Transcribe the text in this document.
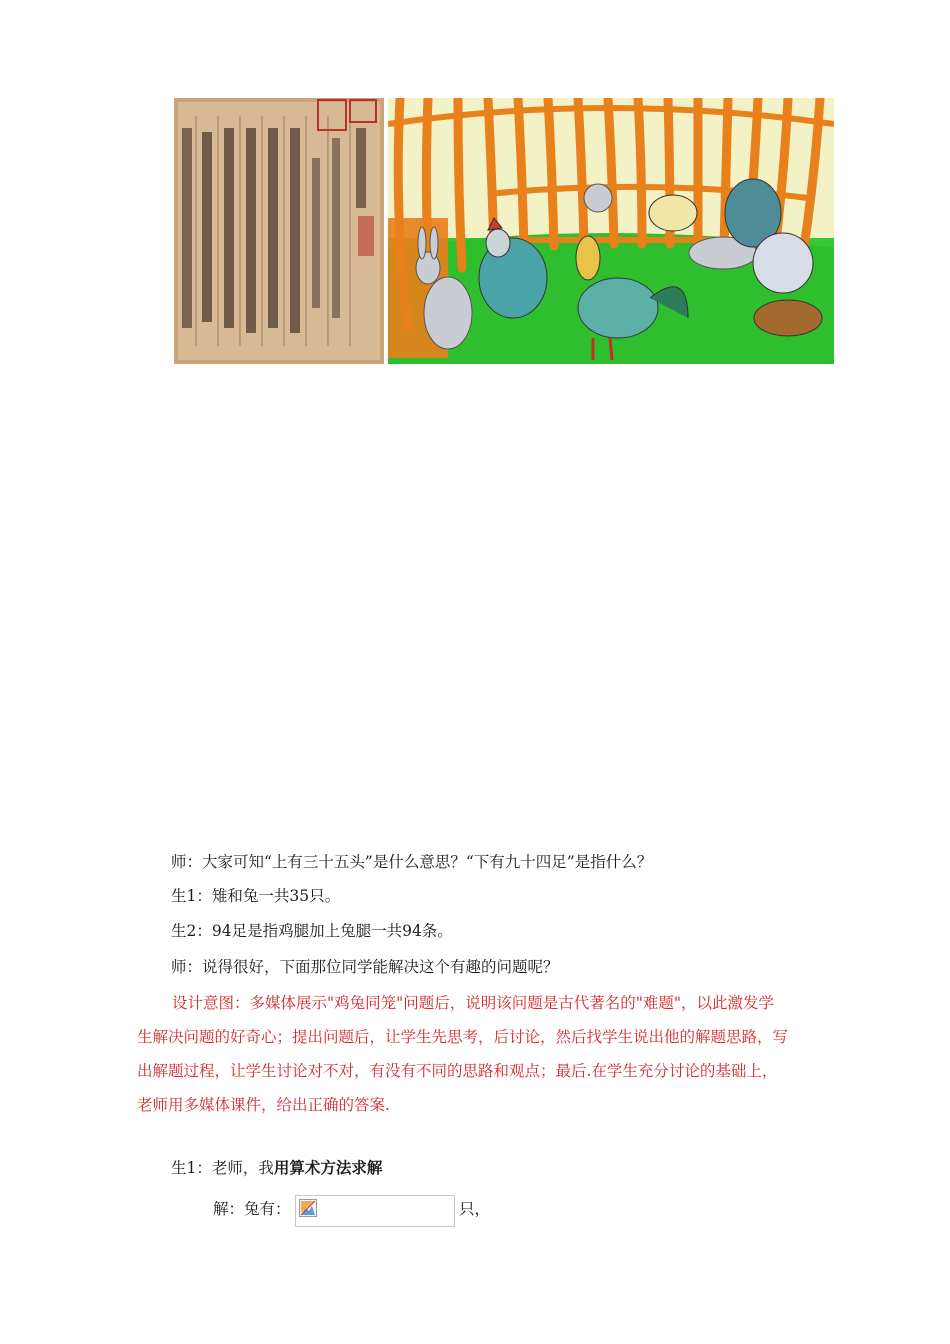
师：大家可知“上有三十五头”是什么意思？“下有九十四足”是指什么？
生1：雉和兔一共35只。
生2：94足是指鸡腿加上兔腿一共94条。
师：说得很好，下面那位同学能解决这个有趣的问题呢？
设计意图：多媒体展示"鸡兔同笼"问题后，说明该问题是古代著名的"难题"，以此激发学
生解决问题的好奇心；提出问题后，让学生先思考，后讨论，然后找学生说出他的解题思路，写
出解题过程，让学生讨论对不对，有没有不同的思路和观点；最后.在学生充分讨论的基础上，
老师用多媒体课件，给出正确的答案.
生1：老师，我用算术方法求解
解：兔有：	只，
